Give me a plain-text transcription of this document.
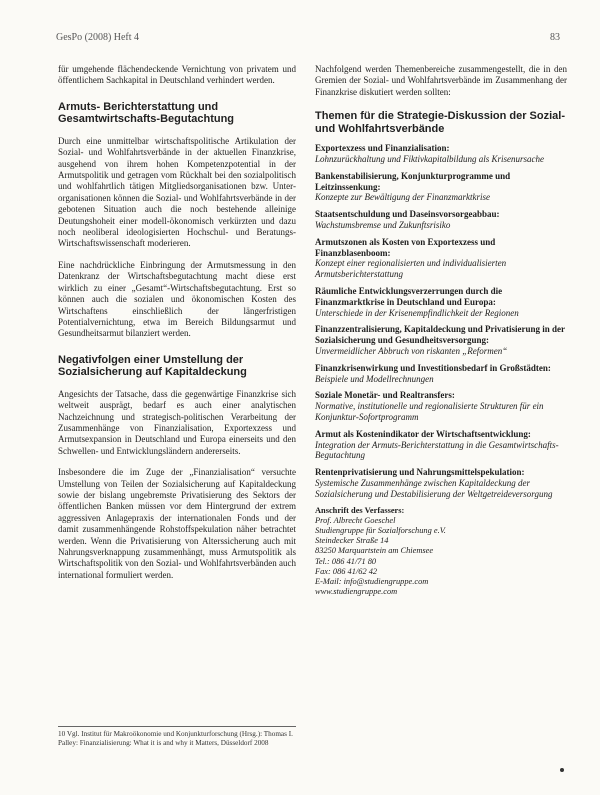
GesPo (2008) Heft 4	83

für umgehende flächendeckende Vernichtung von privatem und öffentlichem Sachkapital in Deutschland verhindert werden.

Armuts- Berichterstattung und Gesamtwirtschafts-Begutachtung

Durch eine unmittelbar wirtschaftspolitische Artikulation der Sozial- und Wohlfahrtsverbände in der aktuellen Finanzkrise, ausgehend von ihrem hohen Kompetenzpotential in der Armutspolitik und getragen vom Rückhalt bei den sozialpolitisch und wohlfahrtlich tätigen Mitgliedsorganisationen bzw. Unter-organisationen können die Sozial- und Wohlfahrtsverbände in der gebotenen Situation auch die noch bestehende alleinige Deutungshoheit einer modell-ökonomisch verkürzten und dazu noch neoliberal ideologisierten Hochschul- und Beratungs-Wirtschaftswissenschaft moderieren.

Eine nachdrückliche Einbringung der Armutsmessung in den Datenkranz der Wirtschaftsbegutachtung macht diese erst wirklich zu einer „Gesamt“-Wirtschaftsbegutachtung. Erst so können auch die sozialen und ökonomischen Kosten des Wirtschaftens einschließlich der längerfristigen Potentialvernichtung, etwa im Bereich Bildungsarmut und Gesundheitsarmut bilanziert werden.

Negativfolgen einer Umstellung der Sozialsicherung auf Kapitaldeckung

Angesichts der Tatsache, dass die gegenwärtige Finanzkrise sich weltweit ausprägt, bedarf es auch einer analytischen Nachzeichnung und strategisch-politischen Verarbeitung der Zusammenhänge von Finanzialisation, Exportexzess und Armutsexpansion in Deutschland und Europa einerseits und den Schwellen- und Entwicklungsländern andererseits.

Insbesondere die im Zuge der „Finanzialisation“ versuchte Umstellung von Teilen der Sozialsicherung auf Kapitaldeckung sowie der bislang ungebremste Privatisierung des Sektors der öffentlichen Banken müssen vor dem Hintergrund der extrem aggressiven Anlagepraxis der internationalen Fonds und der damit zusammenhängende Rohstoffspekulation näher betrachtet werden. Wenn die Privatisierung von Alterssicherung auch mit Nahrungsverknappung zusammenhängt, muss Armutspolitik als Wirtschaftspolitik von den Sozial- und Wohlfahrtsverbänden auch international formuliert werden.

10 Vgl. Institut für Makroökonomie und Konjunkturforschung (Hrsg.): Thomas I. Palley: Finanzialisierung: What it is and why it Matters, Düsseldorf 2008

Nachfolgend werden Themenbereiche zusammengestellt, die in den Gremien der Sozial- und Wohlfahrtsverbände im Zusammenhang der Finanzkrise diskutiert werden sollten:

Themen für die Strategie-Diskussion der Sozial- und Wohlfahrtsverbände
Exportexzess und Finanzialisation:
Lohnzurückhaltung und Fiktivkapitalbildung als Krisenursache
Bankenstabilisierung, Konjunkturprogramme und Leitzinssenkung:
Konzepte zur Bewältigung der Finanzmarktkrise
Staatsentschuldung und Daseinsvorsorgeabbau:
Wachstumsbremse und Zukunftsrisiko
Armutszonen als Kosten von Exportexzess und Finanzblasenboom:
Konzept einer regionalisierten und individualisierten Armutsberichterstattung
Räumliche Entwicklungsverzerrungen durch die Finanzmarktkrise in Deutschland und Europa:
Unterschiede in der Krisenempfindlichkeit der Regionen
Finanzzentralisierung, Kapitaldeckung und Privatisierung in der Sozialsicherung und Gesundheitsversorgung:
Unvermeidlicher Abbruch von riskanten „Reformen“
Finanzkrisenwirkung und Investitionsbedarf in Großstädten:
Beispiele und Modellrechnungen
Soziale Monetär- und Realtransfers:
Normative, institutionelle und regionalisierte Strukturen für ein Konjunktur-Sofortprogramm
Armut als Kostenindikator der Wirtschaftsentwicklung:
Integration der Armuts-Berichterstattung in die Gesamtwirtschafts-Begutachtung
Rentenprivatisierung und Nahrungsmittelspekulation:
Systemische Zusammenhänge zwischen Kapitaldeckung der Sozialsicherung und Destabilisierung der Weltgetreideversorgung
Anschrift des Verfassers:
Prof. Albrecht Goeschel
Studiengruppe für Sozialforschung e.V.
Steindecker Straße 14
83250 Marquartstein am Chiemsee
Tel.: 086 41/71 80
Fax: 086 41/62 42
E-Mail: info@studiengruppe.com
www.studiengruppe.com
